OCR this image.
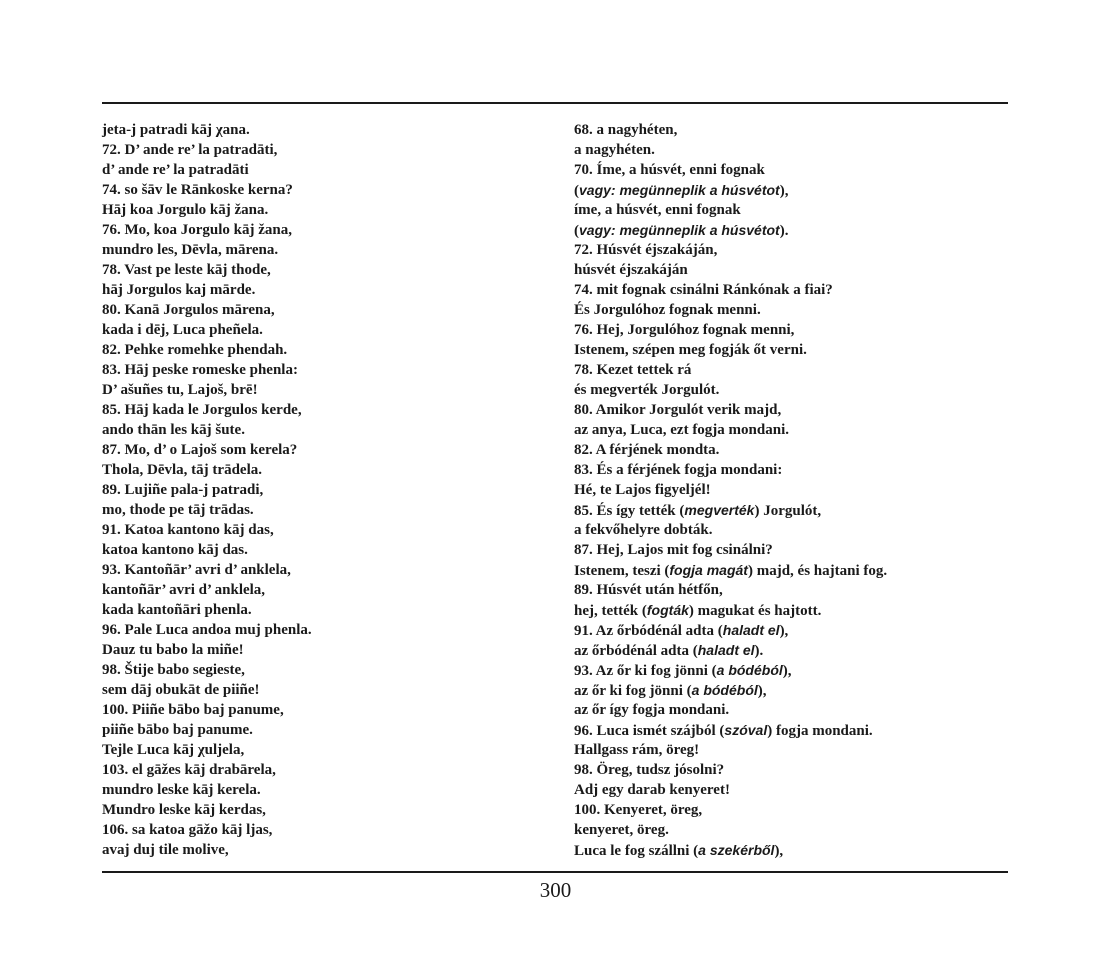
jeta-j patradi kāj χana.
72. D’ ande re’ la patradāti,
d’ ande re’ la patradāti
74. so šāv le Rānkoske kerna?
Hāj koa Jorgulo kāj žana.
76. Mo, koa Jorgulo kāj žana,
mundro les, Dēvla, mārena.
78. Vast pe leste kāj thode,
hāj Jorgulos kaj mārde.
80. Kanā Jorgulos mārena,
kada i dēj, Luca pheñela.
82. Pehke romehke phendah.
83. Hāj peske romeske phenla:
D’ ašuñes tu, Lajoš, brē!
85. Hāj kada le Jorgulos kerde,
ando thān les kāj šute.
87. Mo, d’ o Lajoš som kerela?
Thola, Dēvla, tāj trādela.
89. Lujiñe pala-j patradi,
mo, thode pe tāj trādas.
91. Katoa kantono kāj das,
katoa kantono kāj das.
93. Kantoñār’ avri d’ anklela,
kantoñār’ avri d’ anklela,
kada kantoñāri phenla.
96. Pale Luca andoa muj phenla.
Dauz tu babo la miñe!
98. Štije babo segieste,
sem dāj obukāt de piiñe!
100. Piiñe bābo baj panume,
piiñe bābo baj panume.
Tejle Luca kāj χuljela,
103. el gāžes kāj drabārela,
mundro leske kāj kerela.
Mundro leske kāj kerdas,
106. sa katoa gāžo kāj ljas,
avaj duj tile molive,
68. a nagyhéten,
a nagyhéten.
70. Íme, a húsvét, enni fognak
(vagy: megünneplik a húsvétot),
íme, a húsvét, enni fognak
(vagy: megünneplik a húsvétot).
72. Húsvét éjszakáján,
húsvét éjszakáján
74. mit fognak csinálni Ránkónak a fiai?
És Jorgulóhoz fognak menni.
76. Hej, Jorgulóhoz fognak menni,
Istenem, szépen meg fogják őt verni.
78. Kezet tettek rá
és megverték Jorgulót.
80. Amikor Jorgulót verik majd,
az anya, Luca, ezt fogja mondani.
82. A férjének mondta.
83. És a férjének fogja mondani:
Hé, te Lajos figyeljél!
85. És így tették (megverték) Jorgulót,
a fekvőhelyre dobták.
87. Hej, Lajos mit fog csinálni?
Istenem, teszi (fogja magát) majd, és hajtani fog.
89. Húsvét után hétfőn,
hej, tették (fogták) magukat és hajtott.
91. Az őrbódénál adta (haladt el),
az őrbódénál adta (haladt el).
93. Az őr ki fog jönni (a bódéból),
az őr ki fog jönni (a bódéból),
az őr így fogja mondani.
96. Luca ismét szájból (szóval) fogja mondani.
Hallgass rám, öreg!
98. Öreg, tudsz jósolni?
Adj egy darab kenyeret!
100. Kenyeret, öreg,
kenyeret, öreg.
Luca le fog szállni (a szekérből),
300
